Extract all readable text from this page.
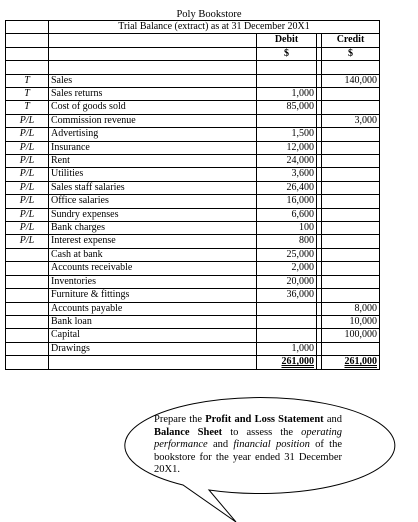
Poly Bookstore
	Trial Balance (extract) as at 31 December 20X1			
		Debit		Credit
		$		$

T	Sales			140,000
T	Sales returns	1,000		
T	Cost of goods sold	85,000		
P/L	Commission revenue			3,000
P/L	Advertising	1,500		
P/L	Insurance	12,000		
P/L	Rent	24,000		
P/L	Utilities	3,600		
P/L	Sales staff salaries	26,400		
P/L	Office salaries	16,000		
P/L	Sundry expenses	6,600		
P/L	Bank charges	100		
P/L	Interest expense	800		
	Cash at bank	25,000		
	Accounts receivable	2,000		
	Inventories	20,000		
	Furniture & fittings	36,000		
	Accounts payable			8,000
	Bank loan			10,000
	Capital			100,000
	Drawings	1,000		
		261,000		261,000
Prepare the Profit and Loss Statement and Balance Sheet to assess the operating performance and financial position of the bookstore for the year ended 31 December 20X1.
